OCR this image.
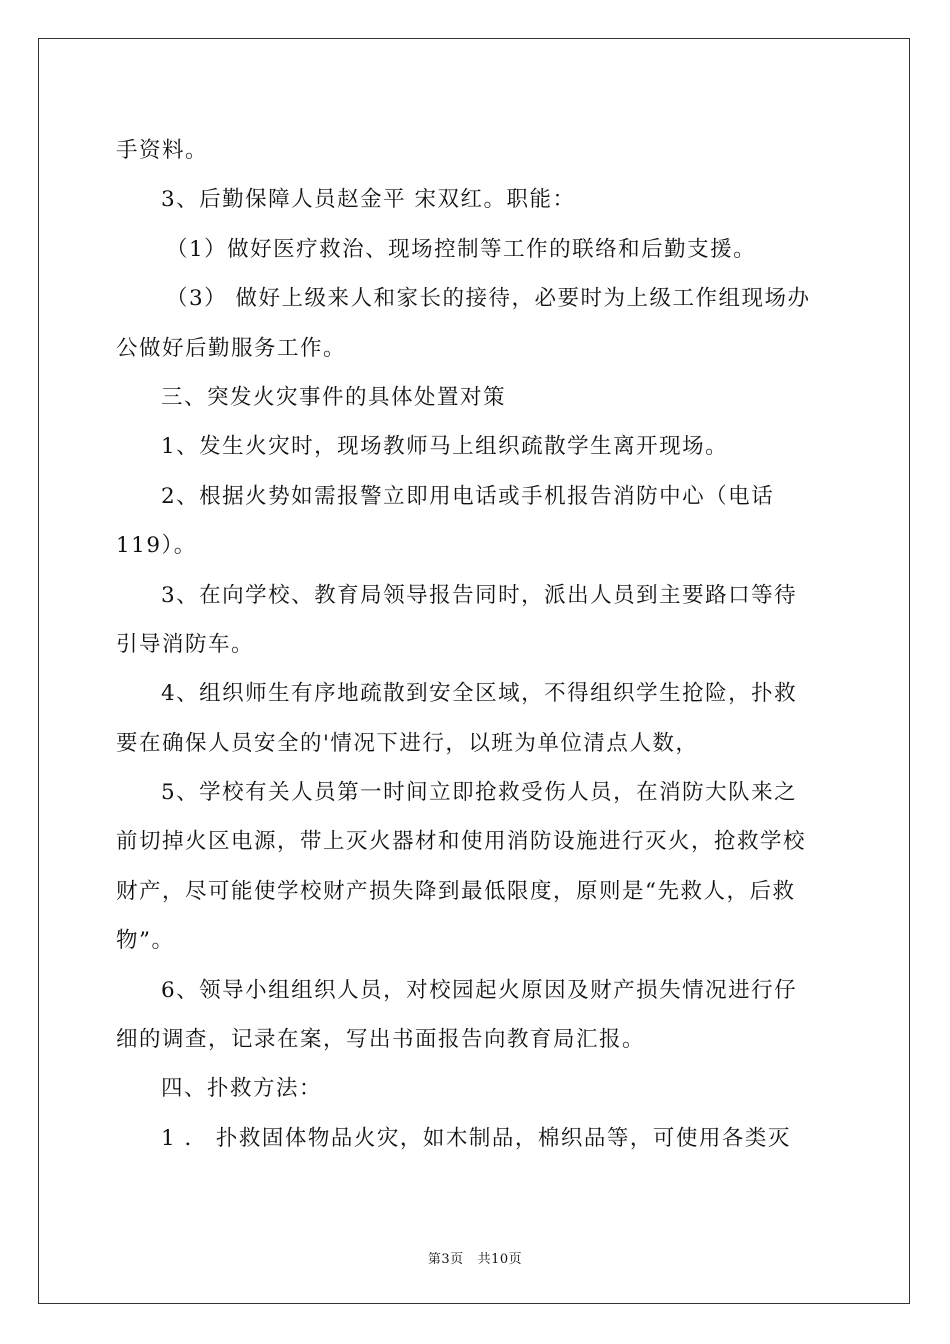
手资料。
3、后勤保障人员赵金平 宋双红。职能：
（1）做好医疗救治、现场控制等工作的联络和后勤支援。
（3） 做好上级来人和家长的接待，必要时为上级工作组现场办
公做好后勤服务工作。
三、突发火灾事件的具体处置对策
1、发生火灾时，现场教师马上组织疏散学生离开现场。
2、根据火势如需报警立即用电话或手机报告消防中心（电话
119）。
3、在向学校、教育局领导报告同时，派出人员到主要路口等待
引导消防车。
4、组织师生有序地疏散到安全区域，不得组织学生抢险，扑救
要在确保人员安全的'情况下进行，以班为单位清点人数，
5、学校有关人员第一时间立即抢救受伤人员，在消防大队来之
前切掉火区电源，带上灭火器材和使用消防设施进行灭火，抢救学校
财产，尽可能使学校财产损失降到最低限度，原则是“先救人，后救
物”。
6、领导小组组织人员，对校园起火原因及财产损失情况进行仔
细的调查，记录在案，写出书面报告向教育局汇报。
四、扑救方法：
1 ． 扑救固体物品火灾，如木制品，棉织品等，可使用各类灭
第3页 共10页
